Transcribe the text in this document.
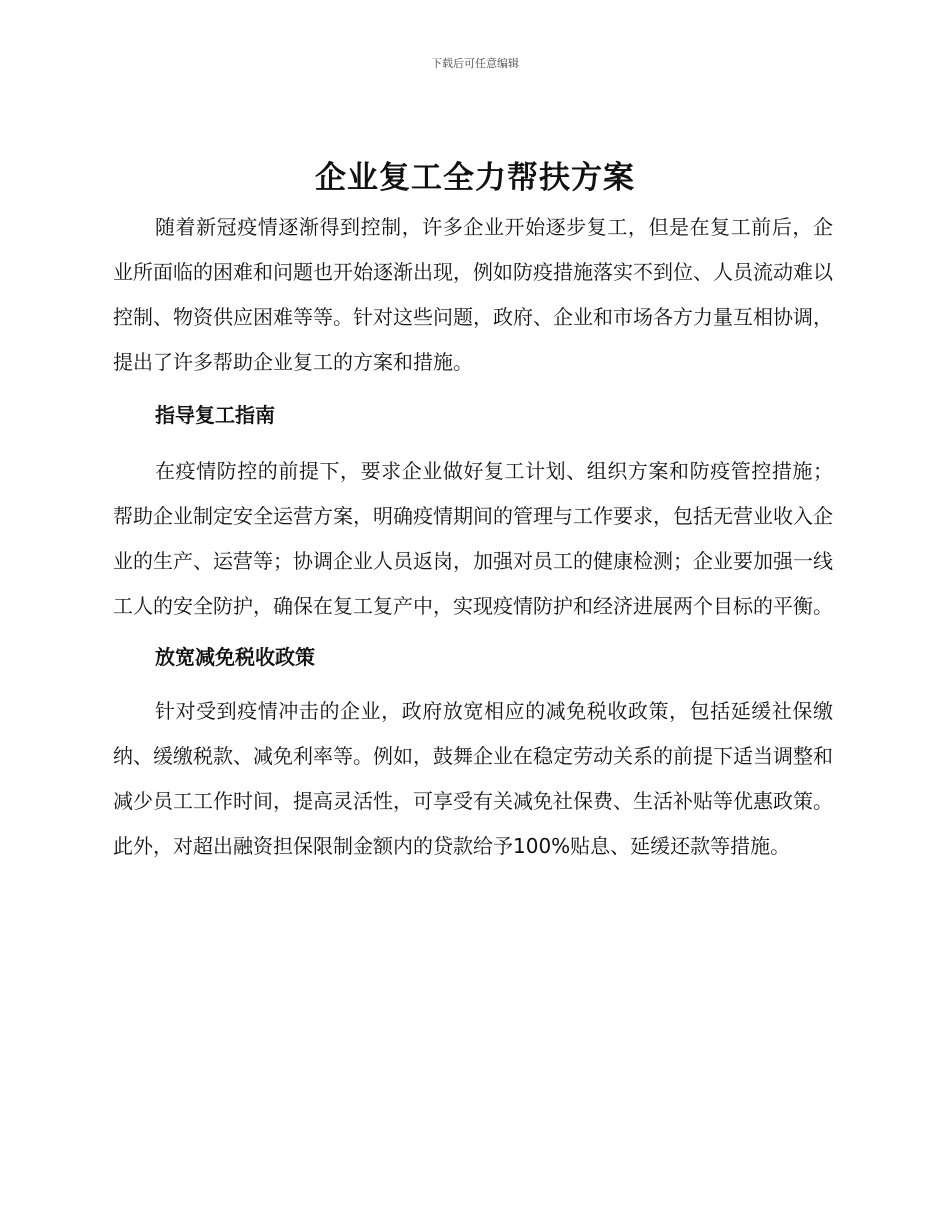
下载后可任意编辑
企业复工全力帮扶方案

随着新冠疫情逐渐得到控制，许多企业开始逐步复工，但是在复工前后，企业所面临的困难和问题也开始逐渐出现，例如防疫措施落实不到位、人员流动难以控制、物资供应困难等等。针对这些问题，政府、企业和市场各方力量互相协调，提出了许多帮助企业复工的方案和措施。

指导复工指南

在疫情防控的前提下，要求企业做好复工计划、组织方案和防疫管控措施；帮助企业制定安全运营方案，明确疫情期间的管理与工作要求，包括无营业收入企业的生产、运营等；协调企业人员返岗，加强对员工的健康检测；企业要加强一线工人的安全防护，确保在复工复产中，实现疫情防护和经济进展两个目标的平衡。

放宽减免税收政策

针对受到疫情冲击的企业，政府放宽相应的减免税收政策，包括延缓社保缴纳、缓缴税款、减免利率等。例如，鼓舞企业在稳定劳动关系的前提下适当调整和减少员工工作时间，提高灵活性，可享受有关减免社保费、生活补贴等优惠政策。此外，对超出融资担保限制金额内的贷款给予100%贴息、延缓还款等措施。
